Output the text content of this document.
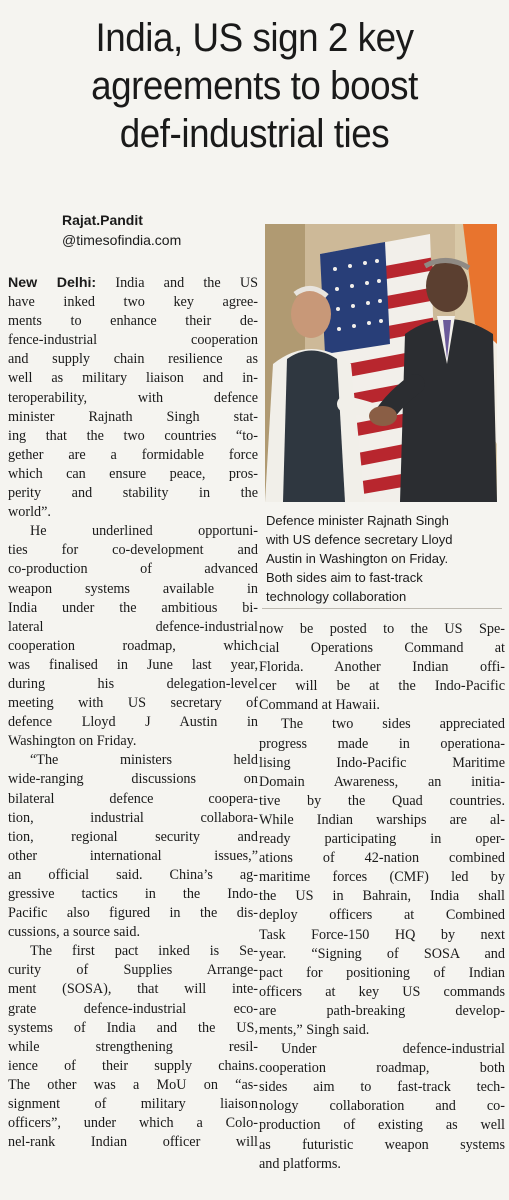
India, US sign 2 key
agreements to boost
def-industrial ties
Rajat.Pandit
@timesofindia.com
Defence minister Rajnath Singh
with US defence secretary Lloyd
Austin in Washington on Friday.
Both sides aim to fast-track
technology collaboration
New Delhi: India and the US
have inked two key agree-
ments to enhance their de-
fence-industrial cooperation
and supply chain resilience as
well as military liaison and in-
teroperability, with defence
minister Rajnath Singh stat-
ing that the two countries “to-
gether are a formidable force
which can ensure peace, pros-
perity and stability in the
world”.
He underlined opportuni-
ties for co-development and
co-production of advanced
weapon systems available in
India under the ambitious bi-
lateral defence-industrial
cooperation roadmap, which
was finalised in June last year,
during his delegation-level
meeting with US secretary of
defence Lloyd J Austin in
Washington on Friday.
“The ministers held
wide-ranging discussions on
bilateral defence coopera-
tion, industrial collabora-
tion, regional security and
other international issues,”
an official said. China’s ag-
gressive tactics in the Indo-
Pacific also figured in the dis-
cussions, a source said.
The first pact inked is Se-
curity of Supplies Arrange-
ment (SOSA), that will inte-
grate defence-industrial eco-
systems of India and the US,
while strengthening resil-
ience of their supply chains.
The other was a MoU on “as-
signment of military liaison
officers”, under which a Colo-
nel-rank Indian officer will
now be posted to the US Spe-
cial Operations Command at
Florida. Another Indian offi-
cer will be at the Indo-Pacific
Command at Hawaii.
The two sides appreciated
progress made in operationa-
lising Indo-Pacific Maritime
Domain Awareness, an initia-
tive by the Quad countries.
While Indian warships are al-
ready participating in oper-
ations of 42-nation combined
maritime forces (CMF) led by
the US in Bahrain, India shall
deploy officers at Combined
Task Force-150 HQ by next
year. “Signing of SOSA and
pact for positioning of Indian
officers at key US commands
are path-breaking develop-
ments,” Singh said.
Under defence-industrial
cooperation roadmap, both
sides aim to fast-track tech-
nology collaboration and co-
production of existing as well
as futuristic weapon systems
and platforms.
